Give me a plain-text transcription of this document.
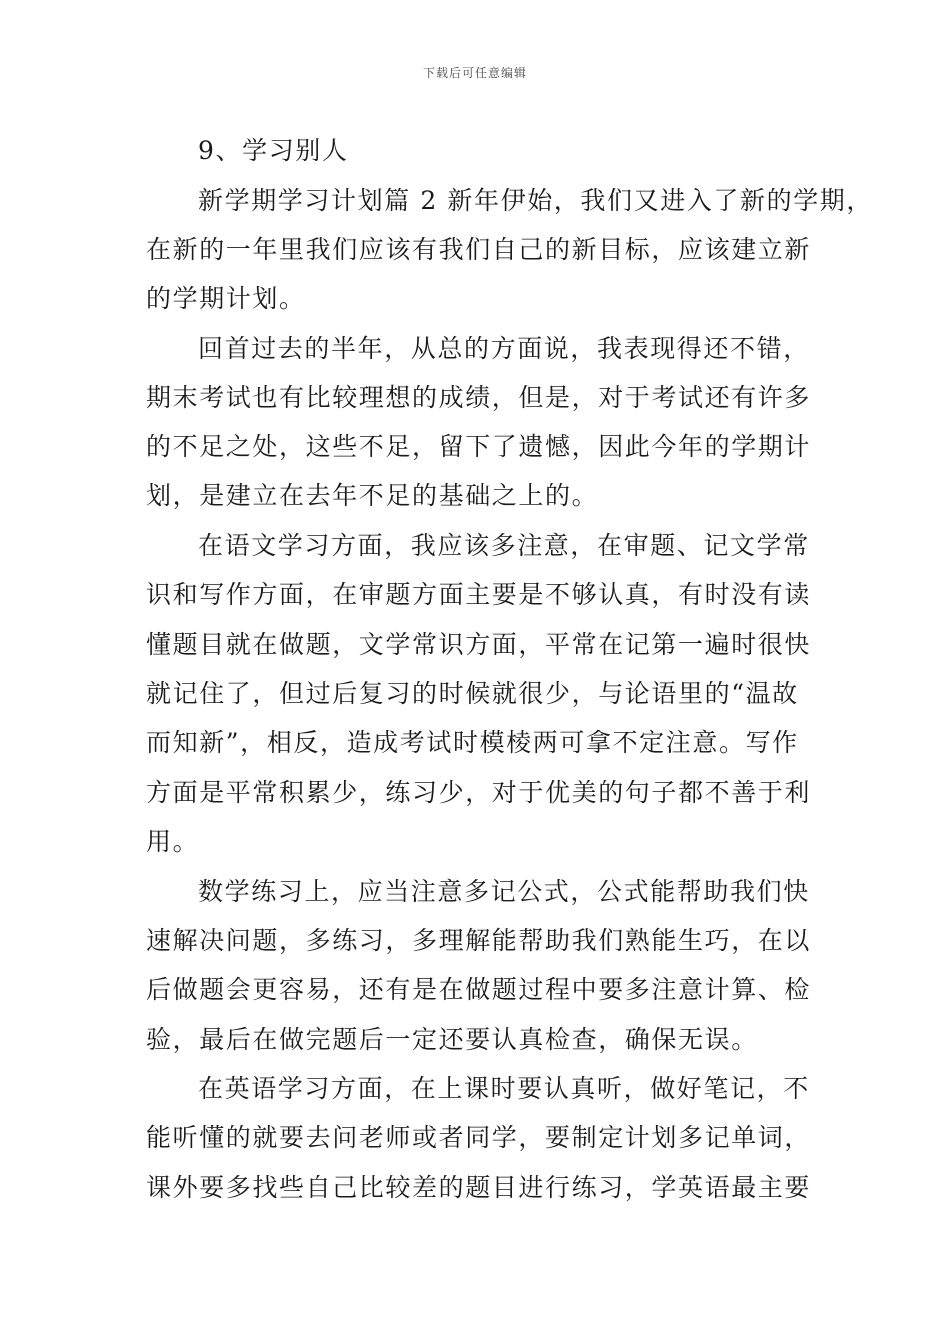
下载后可任意编辑
9、学习别人
新学期学习计划篇 2 新年伊始，我们又进入了新的学期，
在新的一年里我们应该有我们自己的新目标，应该建立新
的学期计划。
回首过去的半年，从总的方面说，我表现得还不错，
期末考试也有比较理想的成绩，但是，对于考试还有许多
的不足之处，这些不足，留下了遗憾，因此今年的学期计
划，是建立在去年不足的基础之上的。
在语文学习方面，我应该多注意，在审题、记文学常
识和写作方面，在审题方面主要是不够认真，有时没有读
懂题目就在做题，文学常识方面，平常在记第一遍时很快
就记住了，但过后复习的时候就很少，与论语里的“温故
而知新”，相反，造成考试时模棱两可拿不定注意。写作
方面是平常积累少，练习少，对于优美的句子都不善于利
用。
数学练习上，应当注意多记公式，公式能帮助我们快
速解决问题，多练习，多理解能帮助我们熟能生巧，在以
后做题会更容易，还有是在做题过程中要多注意计算、检
验，最后在做完题后一定还要认真检查，确保无误。
在英语学习方面，在上课时要认真听，做好笔记，不
能听懂的就要去问老师或者同学，要制定计划多记单词，
课外要多找些自己比较差的题目进行练习，学英语最主要
